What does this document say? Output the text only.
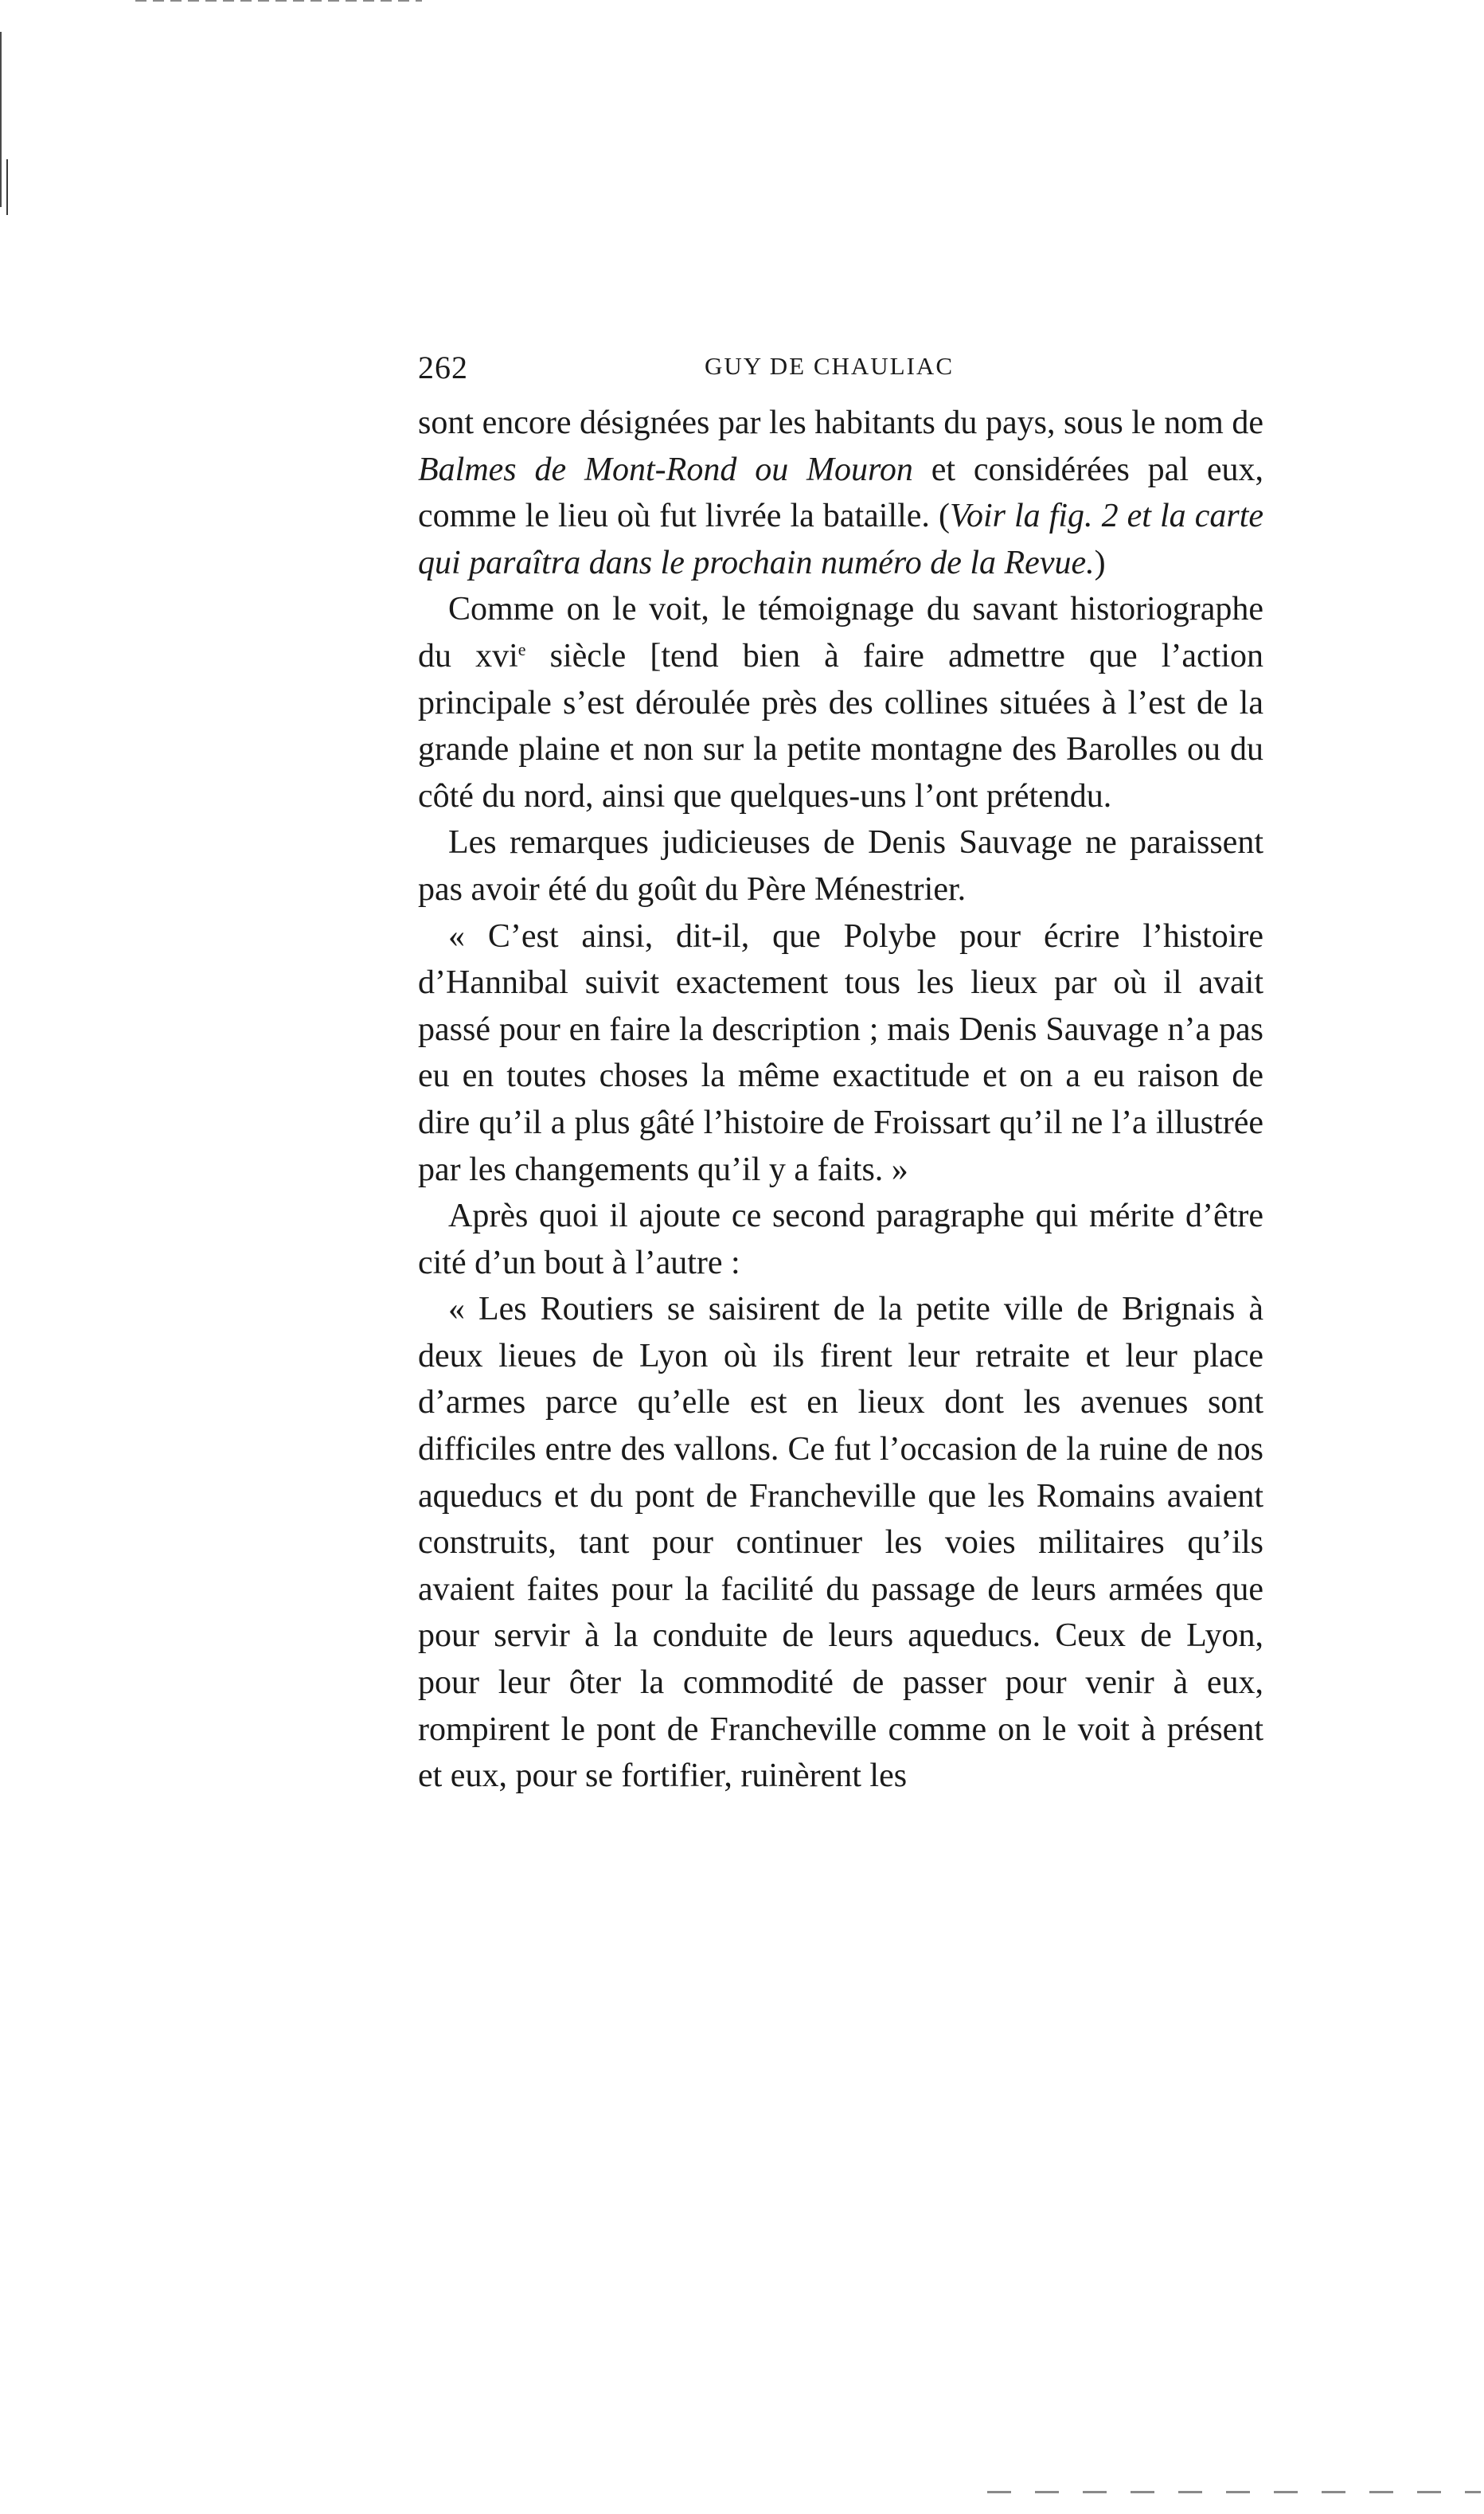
262	GUY DE CHAULIAC

sont encore désignées par les habitants du pays, sous le nom de Balmes de Mont-Rond ou Mouron et considérées pal eux, comme le lieu où fut livrée la bataille. (Voir la fig. 2 et la carte qui paraîtra dans le prochain numéro de la Revue.)

Comme on le voit, le témoignage du savant historiographe du xvi$^e$ siècle [tend bien à faire admettre que l’action principale s’est déroulée près des collines situées à l’est de la grande plaine et non sur la petite montagne des Barolles ou du côté du nord, ainsi que quelques-uns l’ont prétendu.

Les remarques judicieuses de Denis Sauvage ne paraissent pas avoir été du goût du Père Ménestrier.

« C’est ainsi, dit-il, que Polybe pour écrire l’histoire d’Hannibal suivit exactement tous les lieux par où il avait passé pour en faire la description ; mais Denis Sauvage n’a pas eu en toutes choses la même exactitude et on a eu raison de dire qu’il a plus gâté l’histoire de Froissart qu’il ne l’a illustrée par les changements qu’il y a faits. »

Après quoi il ajoute ce second paragraphe qui mérite d’être cité d’un bout à l’autre :

« Les Routiers se saisirent de la petite ville de Brignais à deux lieues de Lyon où ils firent leur retraite et leur place d’armes parce qu’elle est en lieux dont les avenues sont difficiles entre des vallons. Ce fut l’occasion de la ruine de nos aqueducs et du pont de Francheville que les Romains avaient construits, tant pour continuer les voies militaires qu’ils avaient faites pour la facilité du passage de leurs armées que pour servir à la conduite de leurs aqueducs. Ceux de Lyon, pour leur ôter la commodité de passer pour venir à eux, rompirent le pont de Francheville comme on le voit à présent et eux, pour se fortifier, ruinèrent les
